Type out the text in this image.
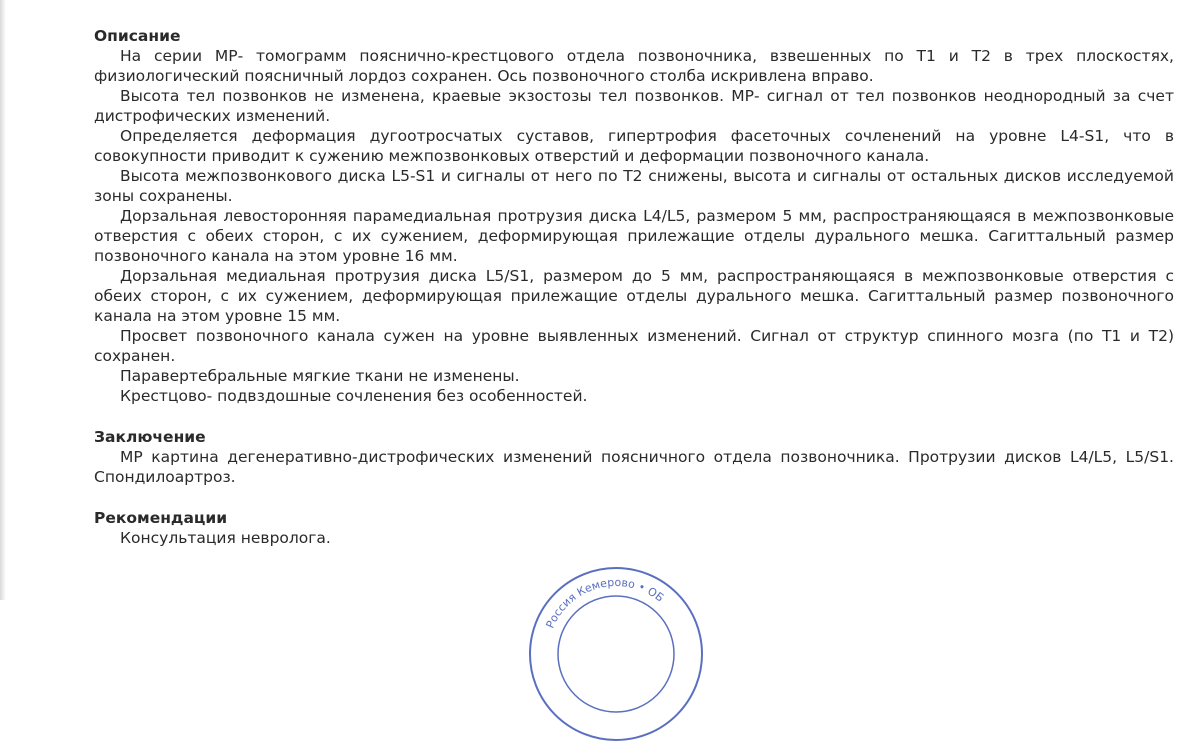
Описание

На серии МР- томограмм пояснично-крестцового отдела позвоночника, взвешенных по Т1 и Т2 в трех плоскостях, физиологический поясничный лордоз сохранен. Ось позвоночного столба искривлена вправо.

Высота тел позвонков не изменена, краевые экзостозы тел позвонков. МР- сигнал от тел позвонков неоднородный за счет дистрофических изменений.

Определяется деформация дугоотросчатых суставов, гипертрофия фасеточных сочленений на уровне L4-S1, что в совокупности приводит к сужению межпозвонковых отверстий и деформации позвоночного канала.

Высота межпозвонкового диска L5-S1 и сигналы от него по Т2 снижены, высота и сигналы от остальных дисков исследуемой зоны сохранены.

Дорзальная левосторонняя парамедиальная протрузия диска L4/L5, размером 5 мм, распространяющаяся в межпозвонковые отверстия с обеих сторон, с их сужением, деформирующая прилежащие отделы дурального мешка. Сагиттальный размер позвоночного канала на этом уровне 16 мм.

Дорзальная медиальная протрузия диска L5/S1, размером до 5 мм, распространяющаяся в межпозвонковые отверстия с обеих сторон, с их сужением, деформирующая прилежащие отделы дурального мешка. Сагиттальный размер позвоночного канала на этом уровне 15 мм.

Просвет позвоночного канала сужен на уровне выявленных изменений. Сигнал от структур спинного мозга (по Т1 и Т2) сохранен.

Паравертебральные мягкие ткани не изменены.

Крестцово- подвздошные сочленения без особенностей.

Заключение

МР картина дегенеративно-дистрофических изменений поясничного отдела позвоночника. Протрузии дисков L4/L5, L5/S1. Спондилоартроз.

Рекомендации

Консультация невролога.

Россия Кемерово • ОБ
